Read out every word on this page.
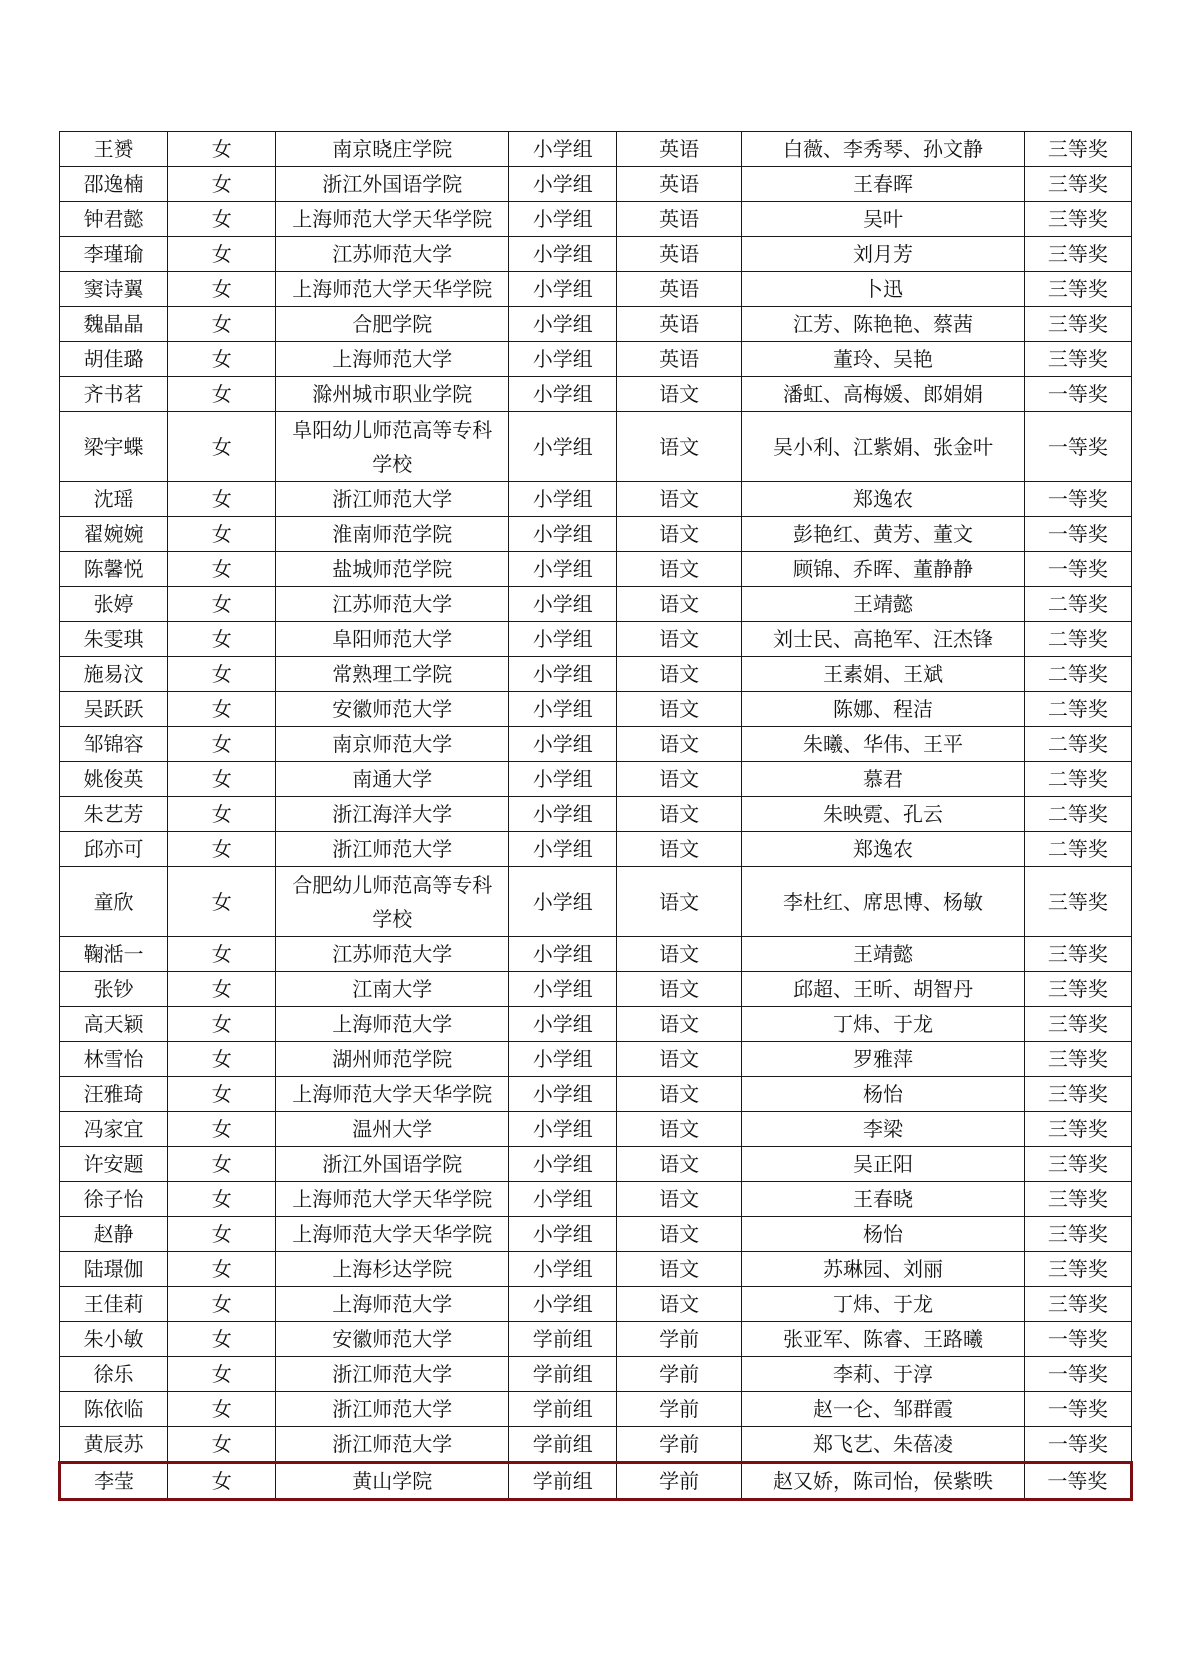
王赟	女	南京晓庄学院	小学组	英语	白薇、李秀琴、孙文静	三等奖
邵逸楠	女	浙江外国语学院	小学组	英语	王春晖	三等奖
钟君懿	女	上海师范大学天华学院	小学组	英语	吴叶	三等奖
李瑾瑜	女	江苏师范大学	小学组	英语	刘月芳	三等奖
窦诗翼	女	上海师范大学天华学院	小学组	英语	卜迅	三等奖
魏晶晶	女	合肥学院	小学组	英语	江芳、陈艳艳、蔡茜	三等奖
胡佳璐	女	上海师范大学	小学组	英语	董玲、吴艳	三等奖
齐书茗	女	滁州城市职业学院	小学组	语文	潘虹、高梅媛、郎娟娟	一等奖
梁宇蝶	女	阜阳幼儿师范高等专科学校	小学组	语文	吴小利、江紫娟、张金叶	一等奖
沈瑶	女	浙江师范大学	小学组	语文	郑逸农	一等奖
翟婉婉	女	淮南师范学院	小学组	语文	彭艳红、黄芳、董文	一等奖
陈馨悦	女	盐城师范学院	小学组	语文	顾锦、乔晖、董静静	一等奖
张婷	女	江苏师范大学	小学组	语文	王靖懿	二等奖
朱雯琪	女	阜阳师范大学	小学组	语文	刘士民、高艳军、汪杰锋	二等奖
施易汶	女	常熟理工学院	小学组	语文	王素娟、王斌	二等奖
吴跃跃	女	安徽师范大学	小学组	语文	陈娜、程洁	二等奖
邹锦容	女	南京师范大学	小学组	语文	朱曦、华伟、王平	二等奖
姚俊英	女	南通大学	小学组	语文	慕君	二等奖
朱艺芳	女	浙江海洋大学	小学组	语文	朱映霓、孔云	二等奖
邱亦可	女	浙江师范大学	小学组	语文	郑逸农	二等奖
童欣	女	合肥幼儿师范高等专科学校	小学组	语文	李杜红、席思博、杨敏	三等奖
鞠湉一	女	江苏师范大学	小学组	语文	王靖懿	三等奖
张钞	女	江南大学	小学组	语文	邱超、王昕、胡智丹	三等奖
高天颖	女	上海师范大学	小学组	语文	丁炜、于龙	三等奖
林雪怡	女	湖州师范学院	小学组	语文	罗雅萍	三等奖
汪雅琦	女	上海师范大学天华学院	小学组	语文	杨怡	三等奖
冯家宜	女	温州大学	小学组	语文	李梁	三等奖
许安题	女	浙江外国语学院	小学组	语文	吴正阳	三等奖
徐子怡	女	上海师范大学天华学院	小学组	语文	王春晓	三等奖
赵静	女	上海师范大学天华学院	小学组	语文	杨怡	三等奖
陆璟伽	女	上海杉达学院	小学组	语文	苏琳园、刘丽	三等奖
王佳莉	女	上海师范大学	小学组	语文	丁炜、于龙	三等奖
朱小敏	女	安徽师范大学	学前组	学前	张亚军、陈睿、王路曦	一等奖
徐乐	女	浙江师范大学	学前组	学前	李莉、于淳	一等奖
陈依临	女	浙江师范大学	学前组	学前	赵一仑、邹群霞	一等奖
黄辰苏	女	浙江师范大学	学前组	学前	郑飞艺、朱蓓凌	一等奖
李莹	女	黄山学院	学前组	学前	赵又娇，陈司怡，侯紫昳	一等奖
